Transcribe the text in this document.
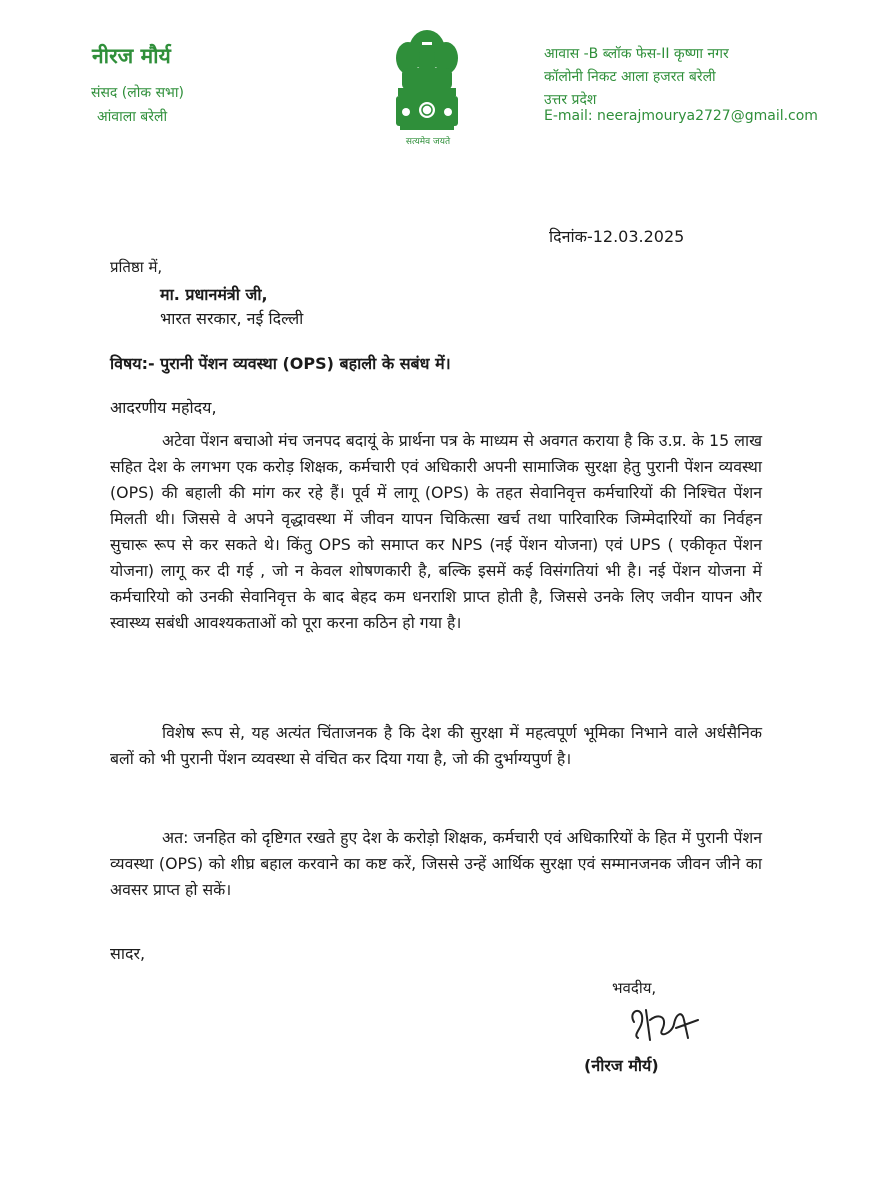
नीरज मौर्य
संसद (लोक सभा)
आंवाला बरेली
सत्यमेव जयते
आवास -B ब्लॉक फेस-II कृष्णा नगर
कॉलोनी निकट आला हजरत बरेली
उत्तर प्रदेश
E-mail: neerajmourya2727@gmail.com
दिनांक-12.03.2025
प्रतिष्ठा में,
मा. प्रधानमंत्री जी,
भारत सरकार, नई दिल्ली
विषय:- पुरानी पेंशन व्यवस्था (OPS) बहाली के सबंध में।
आदरणीय महोदय,

अटेवा पेंशन बचाओ मंच जनपद बदायूं के प्रार्थना पत्र के माध्यम से अवगत कराया है कि उ.प्र. के 15 लाख सहित देश के लगभग एक करोड़ शिक्षक, कर्मचारी एवं अधिकारी अपनी सामाजिक सुरक्षा हेतु पुरानी पेंशन व्यवस्था (OPS) की बहाली की मांग कर रहे हैं। पूर्व में लागू (OPS) के तहत सेवानिवृत्त कर्मचारियों की निश्चित पेंशन मिलती थी। जिससे वे अपने वृद्धावस्था में जीवन यापन चिकित्सा खर्च तथा पारिवारिक जिम्मेदारियों का निर्वहन सुचारू रूप से कर सकते थे। किंतु OPS को समाप्त कर NPS (नई पेंशन योजना) एवं UPS ( एकीकृत पेंशन योजना) लागू कर दी गई , जो न केवल शोषणकारी है, बल्कि इसमें कई विसंगतियां भी है। नई पेंशन योजना में कर्मचारियो को उनकी सेवानिवृत्त के बाद बेहद कम धनराशि प्राप्त होती है, जिससे उनके लिए जवीन यापन और स्वास्थ्य सबंधी आवश्यकताओं को पूरा करना कठिन हो गया है।

विशेष रूप से, यह अत्यंत चिंताजनक है कि देश की सुरक्षा में महत्वपूर्ण भूमिका निभाने वाले अर्धसैनिक बलों को भी पुरानी पेंशन व्यवस्था से वंचित कर दिया गया है, जो की दुर्भाग्यपुर्ण है।

अत: जनहित को दृष्टिगत रखते हुए देश के करोड़ो शिक्षक, कर्मचारी एवं अधिकारियों के हित में पुरानी पेंशन व्यवस्था (OPS) को शीघ्र बहाल करवाने का कष्ट करें, जिससे उन्हें आर्थिक सुरक्षा एवं सम्मानजनक जीवन जीने का अवसर प्राप्त हो सकें।

सादर,
भवदीय,
(नीरज मौर्य)
